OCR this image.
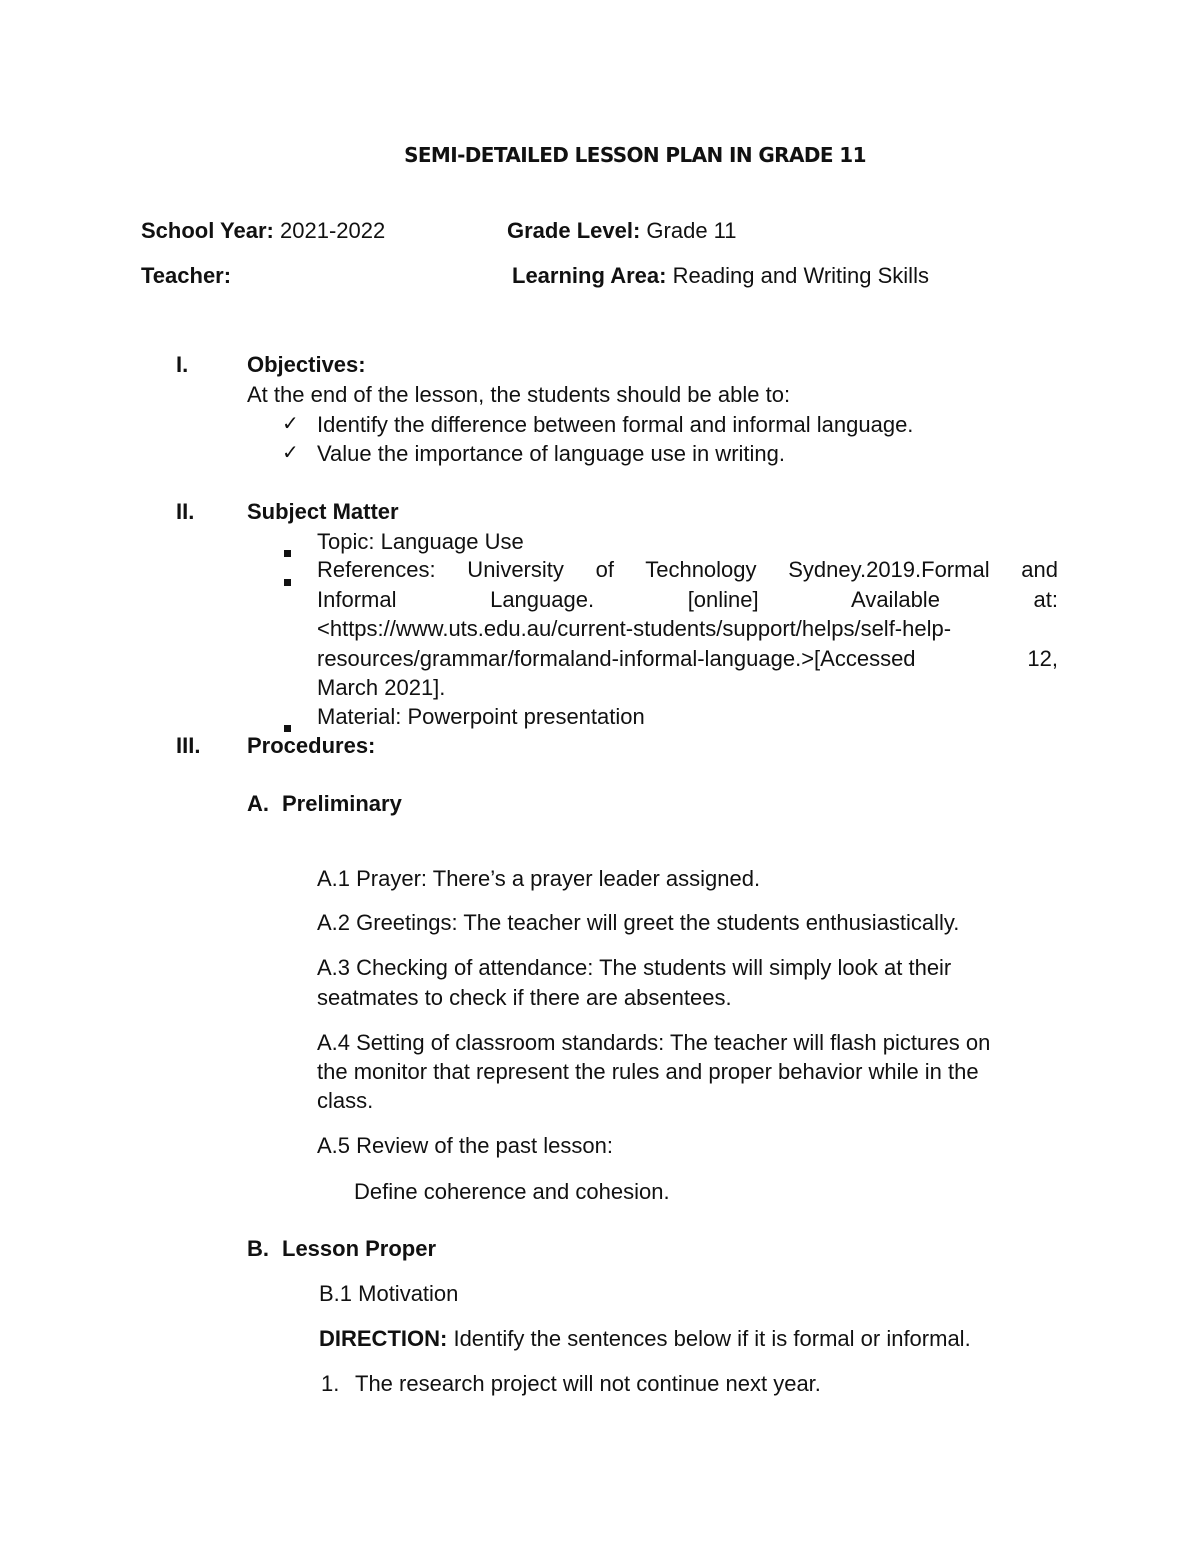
SEMI-DETAILED LESSON PLAN IN GRADE 11
School Year: 2021-2022	Grade Level: Grade 11
Teacher:	Learning Area: Reading and Writing Skills
I.	Objectives:
At the end of the lesson, the students should be able to:
✓ Identify the difference between formal and informal language.
✓ Value the importance of language use in writing.
II.	Subject Matter
Topic: Language Use
References: University of Technology Sydney.2019.Formal and
Informal Language. [online] Available at:
<https://www.uts.edu.au/current-students/support/helps/self-help-
resources/grammar/formaland-informal-language.>[Accessed 12,
March 2021].
Material: Powerpoint presentation
III.	Procedures:
A. Preliminary
A.1 Prayer: There’s a prayer leader assigned.
A.2 Greetings: The teacher will greet the students enthusiastically.
A.3 Checking of attendance: The students will simply look at their
seatmates to check if there are absentees.
A.4 Setting of classroom standards: The teacher will flash pictures on
the monitor that represent the rules and proper behavior while in the
class.
A.5 Review of the past lesson:
Define coherence and cohesion.
B. Lesson Proper
B.1 Motivation
DIRECTION: Identify the sentences below if it is formal or informal.
1. The research project will not continue next year.
